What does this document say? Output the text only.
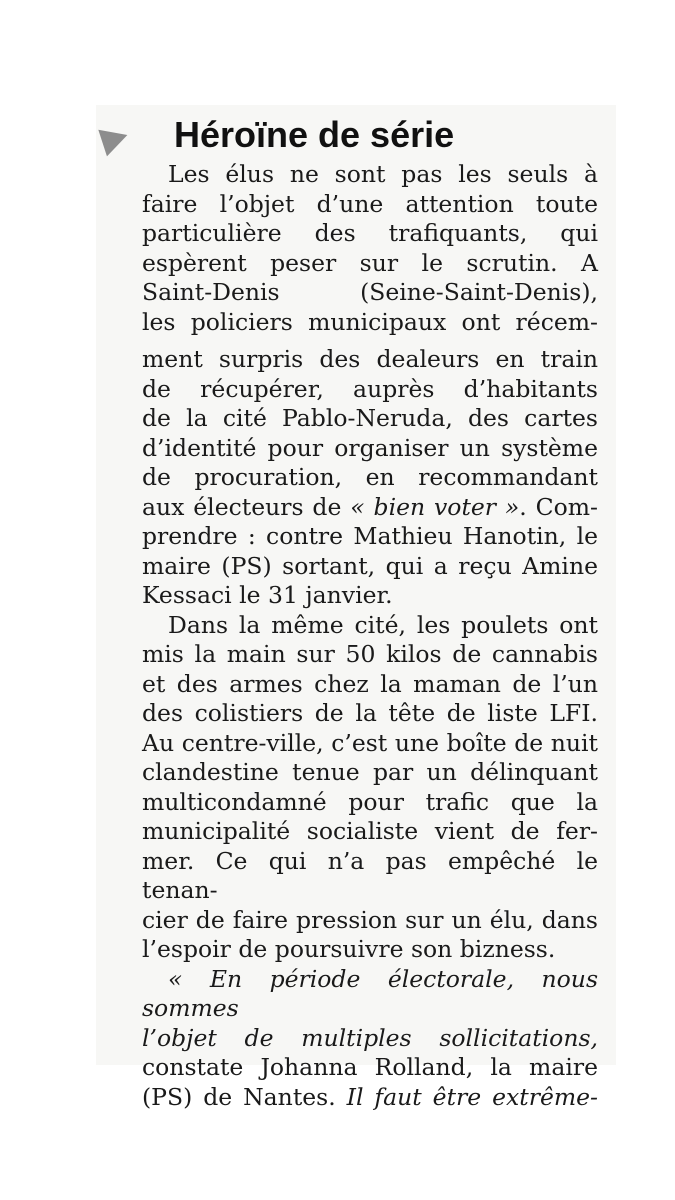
Héroïne de série

Les élus ne sont pas les seuls à

faire l’objet d’une attention toute

particulière des trafiquants, qui

espèrent peser sur le scrutin. A

Saint-Denis (Seine-Saint-Denis),

les policiers municipaux ont récem-

ment surpris des dealeurs en train

de récupérer, auprès d’habitants

de la cité Pablo-Neruda, des cartes

d’identité pour organiser un système

de procuration, en recommandant

aux électeurs de « bien voter ». Com-

prendre : contre Mathieu Hanotin, le

maire (PS) sortant, qui a reçu Amine

Kessaci le 31 janvier.

Dans la même cité, les poulets ont

mis la main sur 50 kilos de cannabis

et des armes chez la maman de l’un

des colistiers de la tête de liste LFI.

Au centre-ville, c’est une boîte de nuit

clandestine tenue par un délinquant

multicondamné pour trafic que la

municipalité socialiste vient de fer-

mer. Ce qui n’a pas empêché le tenan-

cier de faire pression sur un élu, dans

l’espoir de poursuivre son bizness.

« En période électorale, nous sommes

l’objet de multiples sollicitations,

constate Johanna Rolland, la maire

(PS) de Nantes. Il faut être extrême-
